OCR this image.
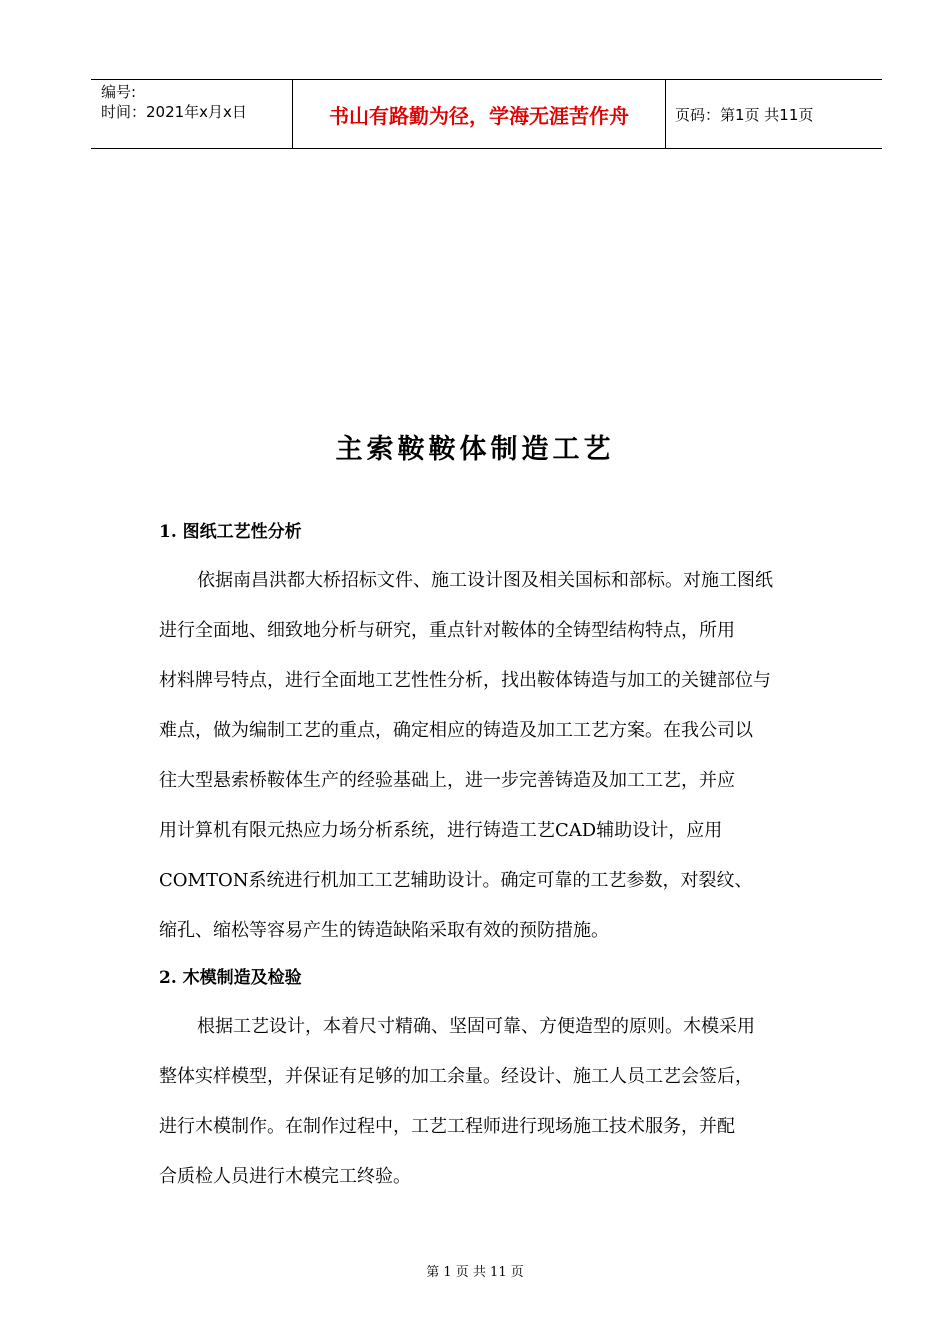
编号:
时间：2021年x月x日	书山有路勤为径，学海无涯苦作舟	页码：第1页 共11页
主索鞍鞍体制造工艺
1. 图纸工艺性分析
依据南昌洪都大桥招标文件、施工设计图及相关国标和部标。对施工图纸
进行全面地、细致地分析与研究，重点针对鞍体的全铸型结构特点，所用
材料牌号特点，进行全面地工艺性性分析，找出鞍体铸造与加工的关键部位与
难点，做为编制工艺的重点，确定相应的铸造及加工工艺方案。在我公司以
往大型悬索桥鞍体生产的经验基础上，进一步完善铸造及加工工艺，并应
用计算机有限元热应力场分析系统，进行铸造工艺CAD辅助设计，应用
COMTON系统进行机加工工艺辅助设计。确定可靠的工艺参数，对裂纹、
缩孔、缩松等容易产生的铸造缺陷采取有效的预防措施。
2. 木模制造及检验
根据工艺设计，本着尺寸精确、坚固可靠、方便造型的原则。木模采用
整体实样模型，并保证有足够的加工余量。经设计、施工人员工艺会签后，
进行木模制作。在制作过程中，工艺工程师进行现场施工技术服务，并配
合质检人员进行木模完工终验。
第 1 页 共 11 页
